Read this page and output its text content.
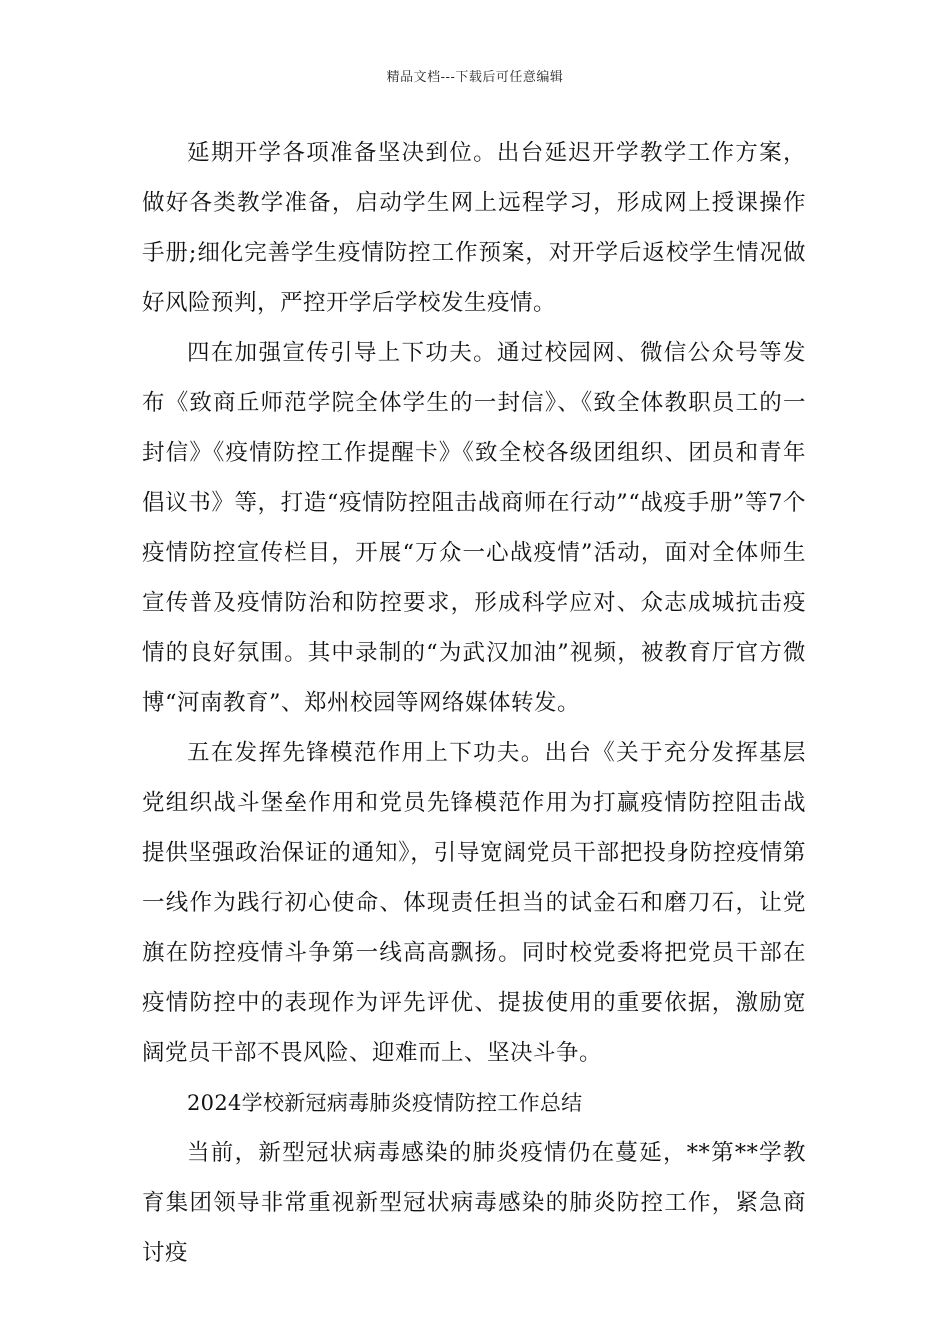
精品文档---下载后可任意编辑

延期开学各项准备坚决到位。出台延迟开学教学工作方案，做好各类教学准备，启动学生网上远程学习，形成网上授课操作手册;细化完善学生疫情防控工作预案，对开学后返校学生情况做好风险预判，严控开学后学校发生疫情。

四在加强宣传引导上下功夫。通过校园网、微信公众号等发布《致商丘师范学院全体学生的一封信》、《致全体教职员工的一封信》《疫情防控工作提醒卡》《致全校各级团组织、团员和青年倡议书》等，打造“疫情防控阻击战商师在行动”“战疫手册”等7个疫情防控宣传栏目，开展“万众一心战疫情”活动，面对全体师生宣传普及疫情防治和防控要求，形成科学应对、众志成城抗击疫情的良好氛围。其中录制的“为武汉加油”视频，被教育厅官方微博“河南教育”、郑州校园等网络媒体转发。

五在发挥先锋模范作用上下功夫。出台《关于充分发挥基层党组织战斗堡垒作用和党员先锋模范作用为打赢疫情防控阻击战提供坚强政治保证的通知》，引导宽阔党员干部把投身防控疫情第一线作为践行初心使命、体现责任担当的试金石和磨刀石，让党旗在防控疫情斗争第一线高高飘扬。同时校党委将把党员干部在疫情防控中的表现作为评先评优、提拔使用的重要依据，激励宽阔党员干部不畏风险、迎难而上、坚决斗争。

2024学校新冠病毒肺炎疫情防控工作总结

当前，新型冠状病毒感染的肺炎疫情仍在蔓延，**第**学教育集团领导非常重视新型冠状病毒感染的肺炎防控工作，紧急商讨疫
